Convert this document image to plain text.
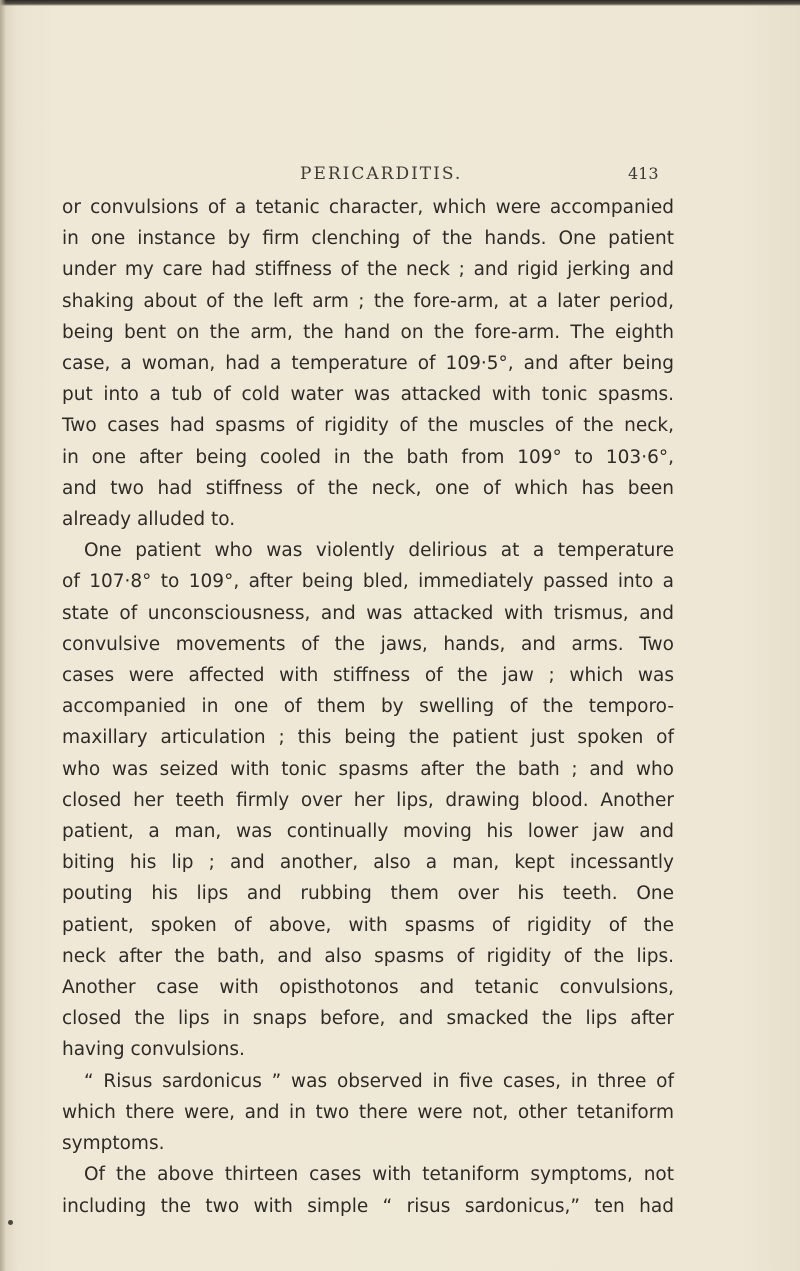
PERICARDITIS.	413

or convulsions of a tetanic character, which were accompanied
in one instance by firm clenching of the hands. One patient
under my care had stiffness of the neck ; and rigid jerking and
shaking about of the left arm ; the fore-arm, at a later period,
being bent on the arm, the hand on the fore-arm. The eighth
case, a woman, had a temperature of 109·5°, and after being
put into a tub of cold water was attacked with tonic spasms.
Two cases had spasms of rigidity of the muscles of the neck,
in one after being cooled in the bath from 109° to 103·6°,
and two had stiffness of the neck, one of which has been
already alluded to.

One patient who was violently delirious at a temperature
of 107·8° to 109°, after being bled, immediately passed into a
state of unconsciousness, and was attacked with trismus, and
convulsive movements of the jaws, hands, and arms. Two
cases were affected with stiffness of the jaw ; which was
accompanied in one of them by swelling of the temporo-
maxillary articulation ; this being the patient just spoken of
who was seized with tonic spasms after the bath ; and who
closed her teeth firmly over her lips, drawing blood. Another
patient, a man, was continually moving his lower jaw and
biting his lip ; and another, also a man, kept incessantly
pouting his lips and rubbing them over his teeth. One
patient, spoken of above, with spasms of rigidity of the
neck after the bath, and also spasms of rigidity of the lips.
Another case with opisthotonos and tetanic convulsions,
closed the lips in snaps before, and smacked the lips after
having convulsions.

“ Risus sardonicus ” was observed in five cases, in three of
which there were, and in two there were not, other tetaniform
symptoms.

Of the above thirteen cases with tetaniform symptoms, not
including the two with simple “ risus sardonicus,” ten had
